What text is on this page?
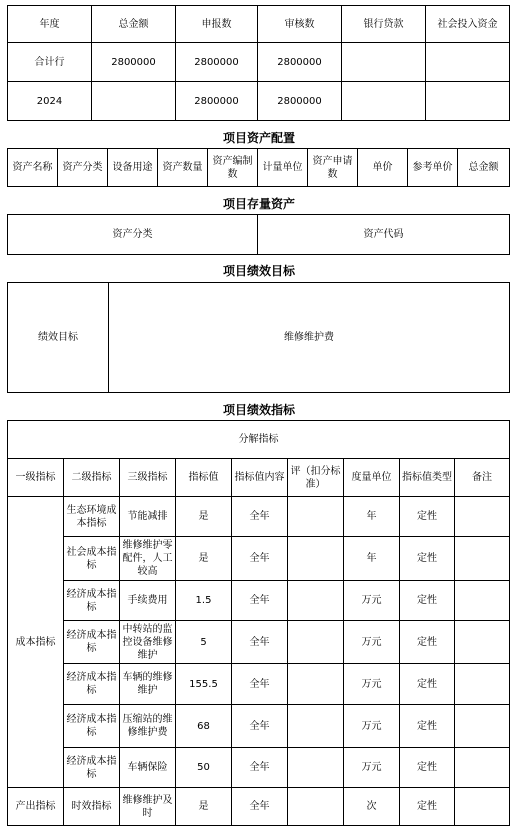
年度	总金额	申报数	审核数	银行贷款	社会投入资金
合计行	2800000	2800000	2800000		
2024		2800000	2800000		
项目资产配置
资产名称	资产分类	设备用途	资产数量	资产编制数	计量单位	资产申请数	单价	参考单价	总金额
项目存量资产
资产分类	资产代码
项目绩效目标
绩效目标	维修维护费
项目绩效指标
分解指标								
一级指标	二级指标	三级指标	指标值	指标值内容	评（扣分标准）	度量单位	指标值类型	备注
成本指标	生态环境成本指标	节能减排	是	全年		年	定性	
	社会成本指标	维修维护零配件，人工较高	是	全年		年	定性	
	经济成本指标	手续费用	1.5	全年		万元	定性	
	经济成本指标	中转站的监控设备维修维护	5	全年		万元	定性	
	经济成本指标	车辆的维修维护	155.5	全年		万元	定性	
	经济成本指标	压缩站的维修维护费	68	全年		万元	定性	
	经济成本指标	车辆保险	50	全年		万元	定性	
产出指标	时效指标	维修维护及时	是	全年		次	定性	
